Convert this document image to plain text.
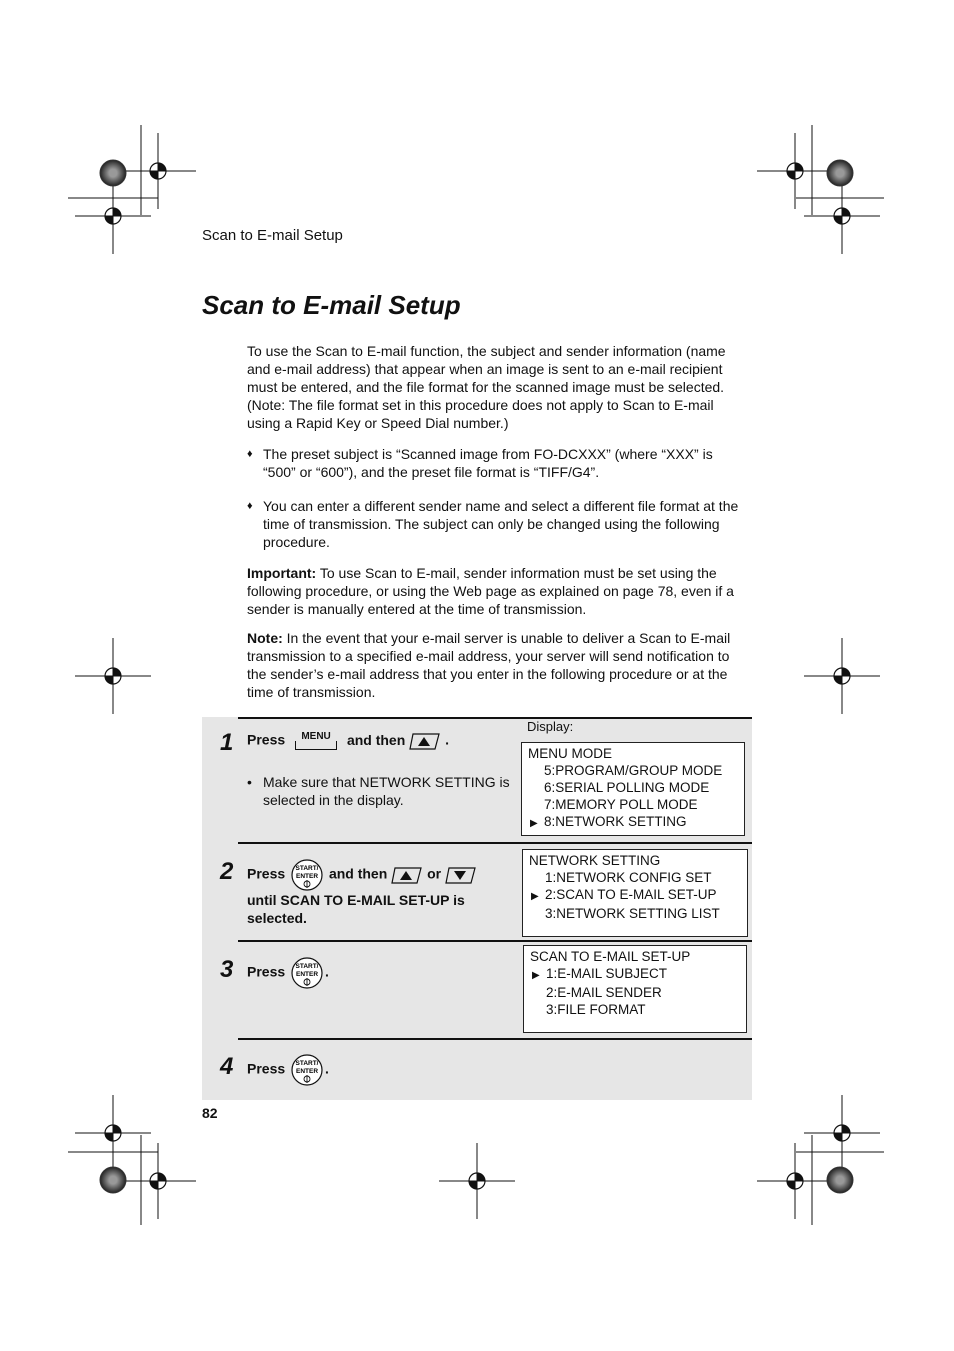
Scan to E-mail Setup
Scan to E-mail Setup
To use the Scan to E-mail function, the subject and sender information (name and e-mail address) that appear when an image is sent to an e-mail recipient must be entered, and the file format for the scanned image must be selected. (Note: The file format set in this procedure does not apply to Scan to E-mail using a Rapid Key or Speed Dial number.)
♦ The preset subject is “Scanned image from FO-DCXXX” (where “XXX” is “500” or “600”), and the preset file format is “TIFF/G4”.
♦ You can enter a different sender name and select a different file format at the time of transmission. The subject can only be changed using the following procedure.
Important: To use Scan to E-mail, sender information must be set using the following procedure, or using the Web page as explained on page 78, even if a sender is manually entered at the time of transmission.
Note: In the event that your e-mail server is unable to deliver a Scan to E-mail transmission to a specified e-mail address, your server will send notification to the sender’s e-mail address that you enter in the following procedure or at the time of transmission.
Display:
1 Press	MENU	and then	.
• Make sure that NETWORK SETTING is selected in the display.
MENU MODE
5:PROGRAM/GROUP MODE
6:SERIAL POLLING MODE
7:MEMORY POLL MODE
▶ 8:NETWORK SETTING
2 Press START/
ENTER and then	or
until SCAN TO E-MAIL SET-UP is
selected.
NETWORK SETTING
1:NETWORK CONFIG SET
▶ 2:SCAN TO E-MAIL SET-UP
3:NETWORK SETTING LIST
3 Press START/
ENTER .
SCAN TO E-MAIL SET-UP
▶ 1:E-MAIL SUBJECT
2:E-MAIL SENDER
3:FILE FORMAT
4 Press START/
ENTER .
82
